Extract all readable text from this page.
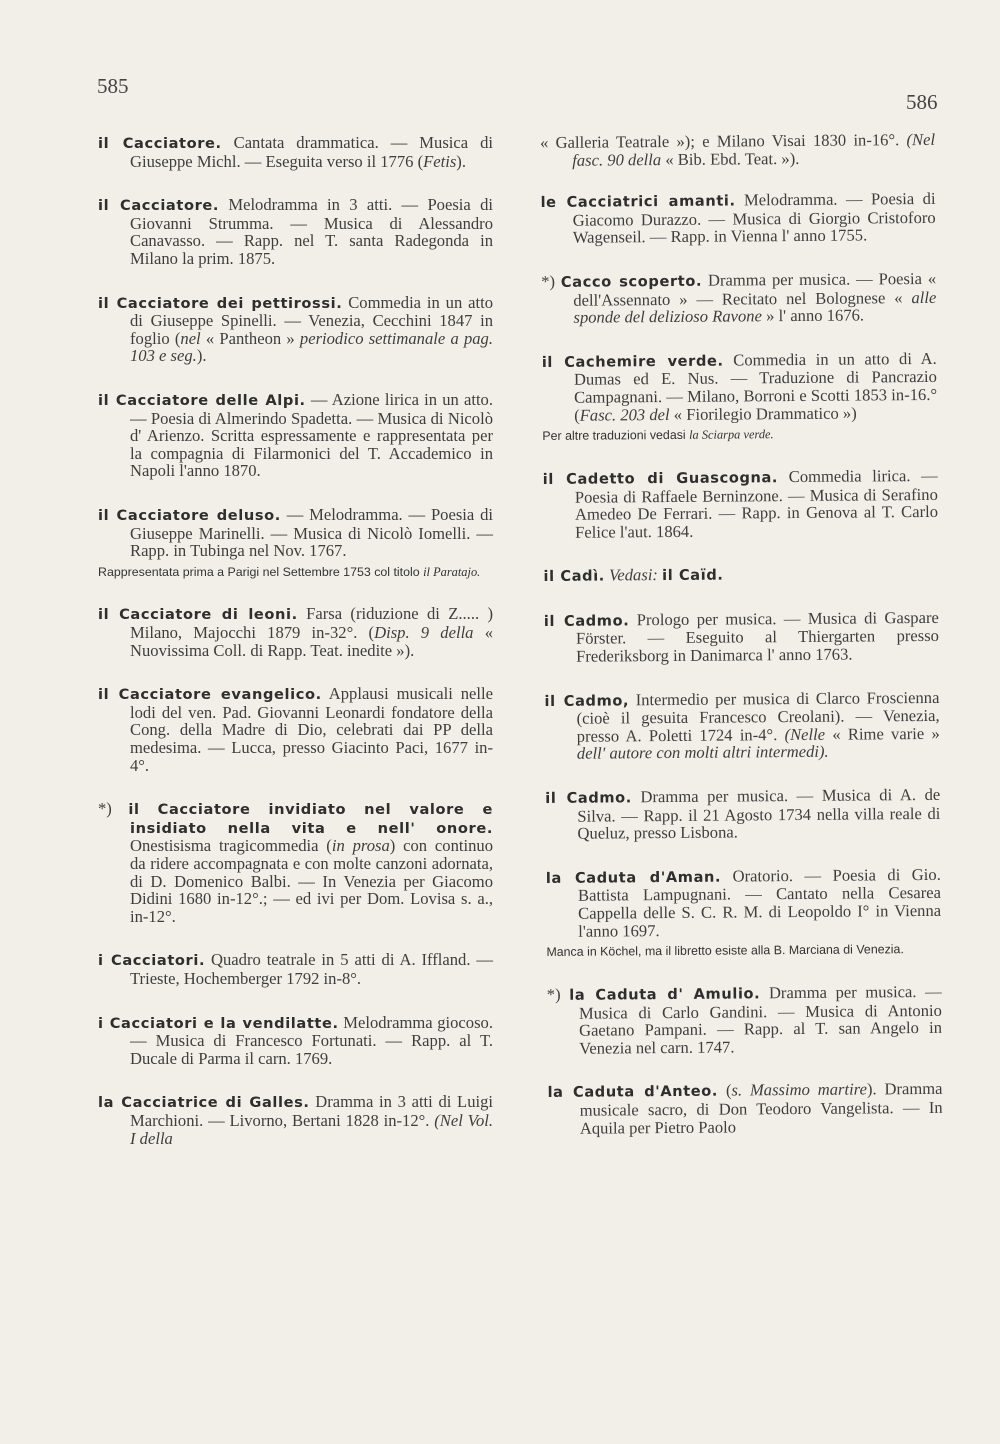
585
586

il Cacciatore. Cantata drammatica. — Musica di Giuseppe Michl. — Eseguita verso il 1776 (Fetis).

il Cacciatore. Melodramma in 3 atti. — Poesia di Giovanni Strumma. — Musica di Alessandro Canavasso. — Rapp. nel T. santa Radegonda in Milano la prim. 1875.

il Cacciatore dei pettirossi. Commedia in un atto di Giuseppe Spinelli. — Venezia, Cecchini 1847 in foglio (nel « Pantheon » periodico settimanale a pag. 103 e seg.).

il Cacciatore delle Alpi. — Azione lirica in un atto. — Poesia di Almerindo Spadetta. — Musica di Nicolò d' Arienzo. Scritta espressamente e rappresentata per la compagnia di Filarmonici del T. Accademico in Napoli l'anno 1870.

il Cacciatore deluso. — Melodramma. — Poesia di Giuseppe Marinelli. — Musica di Nicolò Iomelli. — Rapp. in Tubinga nel Nov. 1767.

Rappresentata prima a Parigi nel Settembre 1753 col titolo il Paratajo.

il Cacciatore di leoni. Farsa (riduzione di Z..... ) Milano, Majocchi 1879 in-32°. (Disp. 9 della « Nuovissima Coll. di Rapp. Teat. inedite »).

il Cacciatore evangelico. Applausi musicali nelle lodi del ven. Pad. Giovanni Leonardi fondatore della Cong. della Madre di Dio, celebrati dai PP della medesima. — Lucca, presso Giacinto Paci, 1677 in-4°.

*) il Cacciatore invidiato nel valore e insidiato nella vita e nell' onore. Onestisisma tragicommedia (in prosa) con continuo da ridere accompagnata e con molte canzoni adornata, di D. Domenico Balbi. — In Venezia per Giacomo Didini 1680 in-12°.; — ed ivi per Dom. Lovisa s. a., in-12°.

i Cacciatori. Quadro teatrale in 5 atti di A. Iffland. — Trieste, Hochemberger 1792 in-8°.

i Cacciatori e la vendilatte. Melodramma giocoso. — Musica di Francesco Fortunati. — Rapp. al T. Ducale di Parma il carn. 1769.

la Cacciatrice di Galles. Dramma in 3 atti di Luigi Marchioni. — Livorno, Bertani 1828 in-12°. (Nel Vol. I della

« Galleria Teatrale »); e Milano Visai 1830 in-16°. (Nel fasc. 90 della « Bib. Ebd. Teat. »).

le Cacciatrici amanti. Melodramma. — Poesia di Giacomo Durazzo. — Musica di Giorgio Cristoforo Wagenseil. — Rapp. in Vienna l' anno 1755.

*) Cacco scoperto. Dramma per musica. — Poesia « dell'Assennato » — Recitato nel Bolognese « alle sponde del delizioso Ravone » l' anno 1676.

il Cachemire verde. Commedia in un atto di A. Dumas ed E. Nus. — Traduzione di Pancrazio Campagnani. — Milano, Borroni e Scotti 1853 in-16.° (Fasc. 203 del « Fiorilegio Drammatico »)

Per altre traduzioni vedasi la Sciarpa verde.

il Cadetto di Guascogna. Commedia lirica. — Poesia di Raffaele Berninzone. — Musica di Serafino Amedeo De Ferrari. — Rapp. in Genova al T. Carlo Felice l'aut. 1864.

il Cadì. Vedasi: il Caïd.

il Cadmo. Prologo per musica. — Musica di Gaspare Förster. — Eseguito al Thiergarten presso Frederiksborg in Danimarca l' anno 1763.

il Cadmo, Intermedio per musica di Clarco Froscienna (cioè il gesuita Francesco Creolani). — Venezia, presso A. Poletti 1724 in-4°. (Nelle « Rime varie » dell' autore con molti altri intermedi).

il Cadmo. Dramma per musica. — Musica di A. de Silva. — Rapp. il 21 Agosto 1734 nella villa reale di Queluz, presso Lisbona.

la Caduta d'Aman. Oratorio. — Poesia di Gio. Battista Lampugnani. — Cantato nella Cesarea Cappella delle S. C. R. M. di Leopoldo I° in Vienna l'anno 1697.

Manca in Köchel, ma il libretto esiste alla B. Marciana di Venezia.

*) la Caduta d' Amulio. Dramma per musica. — Musica di Carlo Gandini. — Musica di Antonio Gaetano Pampani. — Rapp. al T. san Angelo in Venezia nel carn. 1747.

la Caduta d'Anteo. (s. Massimo martire). Dramma musicale sacro, di Don Teodoro Vangelista. — In Aquila per Pietro Paolo
